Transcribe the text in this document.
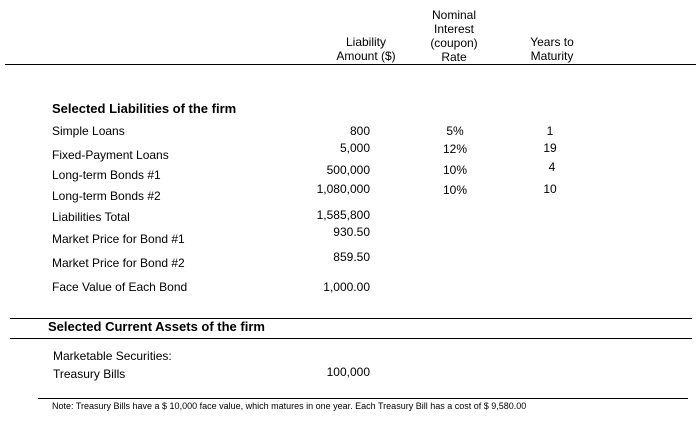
Liability
Amount ($)
Nominal
Interest
(coupon)
Rate
Years to
Maturity
Selected Liabilities of the firm
Simple Loans	800	5%	1
Fixed-Payment Loans	5,000	12%	19
Long-term Bonds #1	500,000	10%	4
Long-term Bonds #2	1,080,000	10%	10
Liabilities Total	1,585,800
Market Price for Bond #1	930.50
Market Price for Bond #2	859.50
Face Value of Each Bond	1,000.00
Selected Current Assets of the firm
Marketable Securities:
Treasury Bills	100,000
Note: Treasury Bills have a $ 10,000 face value, which matures in one year. Each Treasury Bill has a cost of $ 9,580.00
